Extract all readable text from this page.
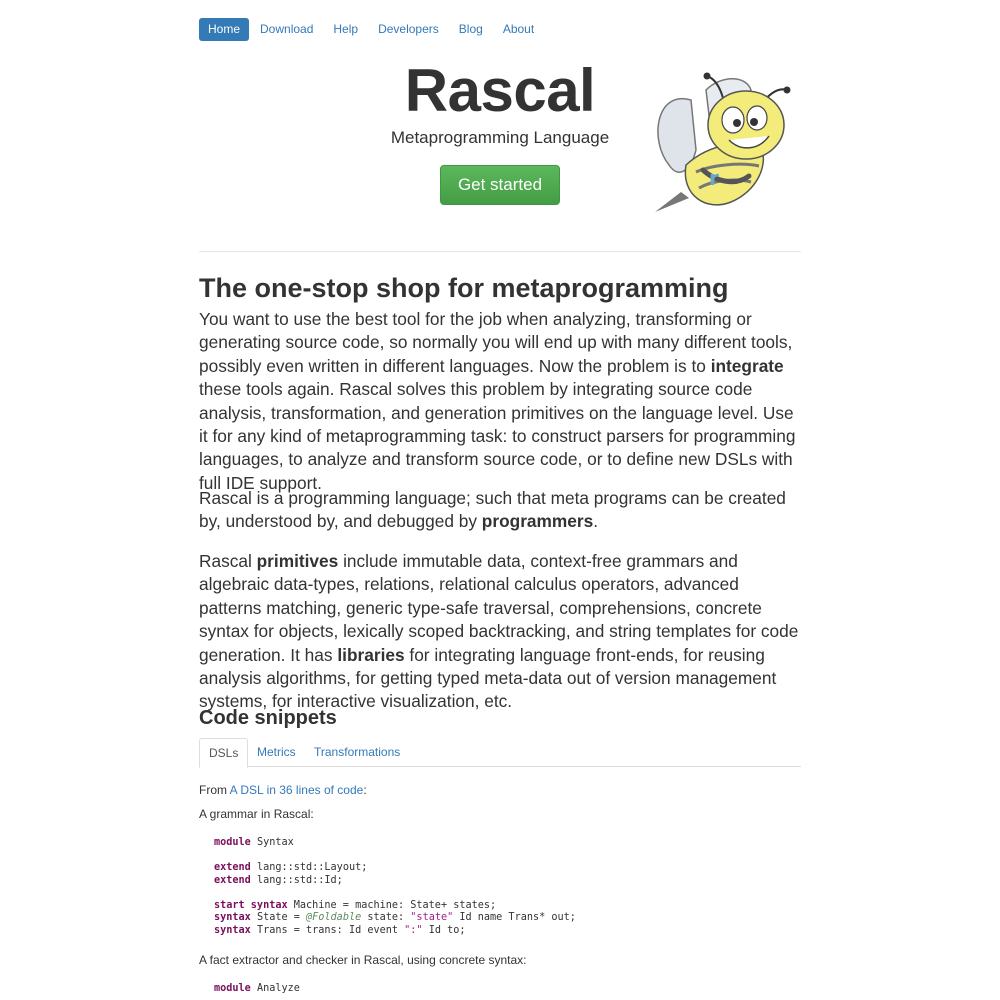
Home	Download	Help	Developers	Blog	About
Rascal
Metaprogramming Language
Get started	r
The one-stop shop for metaprogramming

You want to use the best tool for the job when analyzing, transforming or generating source code, so normally you will end up with many different tools, possibly even written in different languages. Now the problem is to integrate these tools again. Rascal solves this problem by integrating source code analysis, transformation, and generation primitives on the language level. Use it for any kind of metaprogramming task: to construct parsers for programming languages, to analyze and transform source code, or to define new DSLs with full IDE support.

Rascal is a programming language; such that meta programs can be created by, understood by, and debugged by programmers.

Rascal primitives include immutable data, context-free grammars and algebraic data-types, relations, relational calculus operators, advanced patterns matching, generic type-safe traversal, comprehensions, concrete syntax for objects, lexically scoped backtracking, and string templates for code generation. It has libraries for integrating language front-ends, for reusing analysis algorithms, for getting typed meta-data out of version management systems, for interactive visualization, etc.

Code snippets
DSLs	Metrics	Transformations
From A DSL in 36 lines of code:
A grammar in Rascal:
module Syntax

extend lang::std::Layout;
extend lang::std::Id;

start syntax Machine = machine: State+ states;
syntax State = @Foldable state: "state" Id name Trans* out;
syntax Trans = trans: Id event ":" Id to;
A fact extractor and checker in Rascal, using concrete syntax:
module Analyze
